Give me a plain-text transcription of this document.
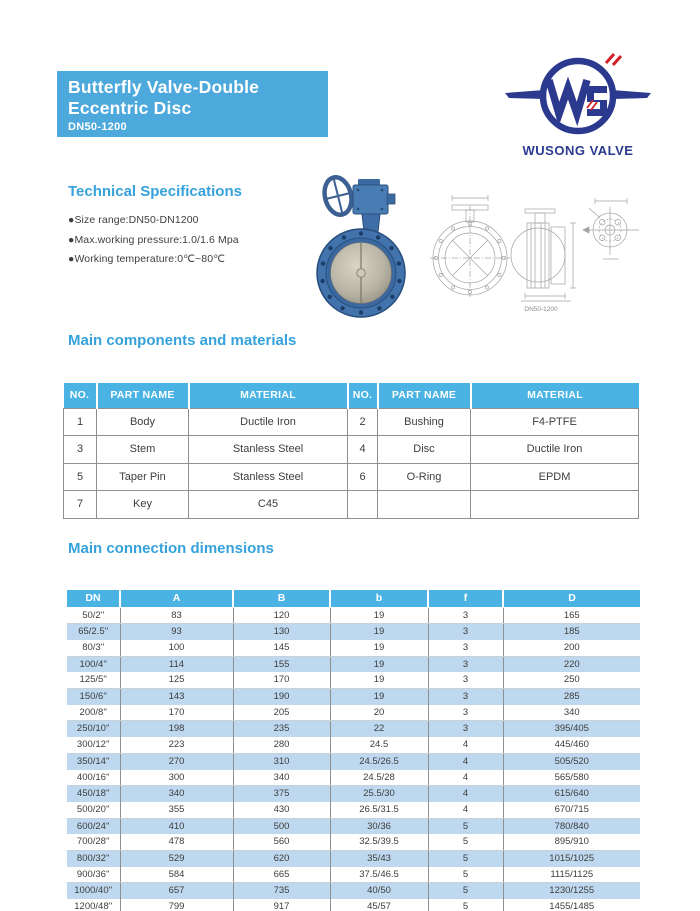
Butterfly Valve-Double
Eccentric Disc
DN50-1200
WUSONG VALVE
Technical Specifications
●Size range:DN50-DN1200
●Max.working pressure:1.0/1.6 Mpa
●Working temperature:0℃~80℃
DN50-1200
Main components and materials
NO.	PART NAME	MATERIAL	NO.	PART NAME	MATERIAL
1	Body	Ductile Iron	2	Bushing	F4-PTFE
3	Stem	Stanless Steel	4	Disc	Ductile Iron
5	Taper Pin	Stanless Steel	6	O-Ring	EPDM
7	Key	C45			
Main connection dimensions
DN	A	B	b	f	D
50/2''	83	120	19	3	165
65/2.5''	93	130	19	3	185
80/3''	100	145	19	3	200
100/4''	114	155	19	3	220
125/5''	125	170	19	3	250
150/6''	143	190	19	3	285
200/8''	170	205	20	3	340
250/10''	198	235	22	3	395/405
300/12''	223	280	24.5	4	445/460
350/14''	270	310	24.5/26.5	4	505/520
400/16''	300	340	24.5/28	4	565/580
450/18''	340	375	25.5/30	4	615/640
500/20''	355	430	26.5/31.5	4	670/715
600/24''	410	500	30/36	5	780/840
700/28''	478	560	32.5/39.5	5	895/910
800/32''	529	620	35/43	5	1015/1025
900/36''	584	665	37.5/46.5	5	1115/1125
1000/40''	657	735	40/50	5	1230/1255
1200/48''	799	917	45/57	5	1455/1485
